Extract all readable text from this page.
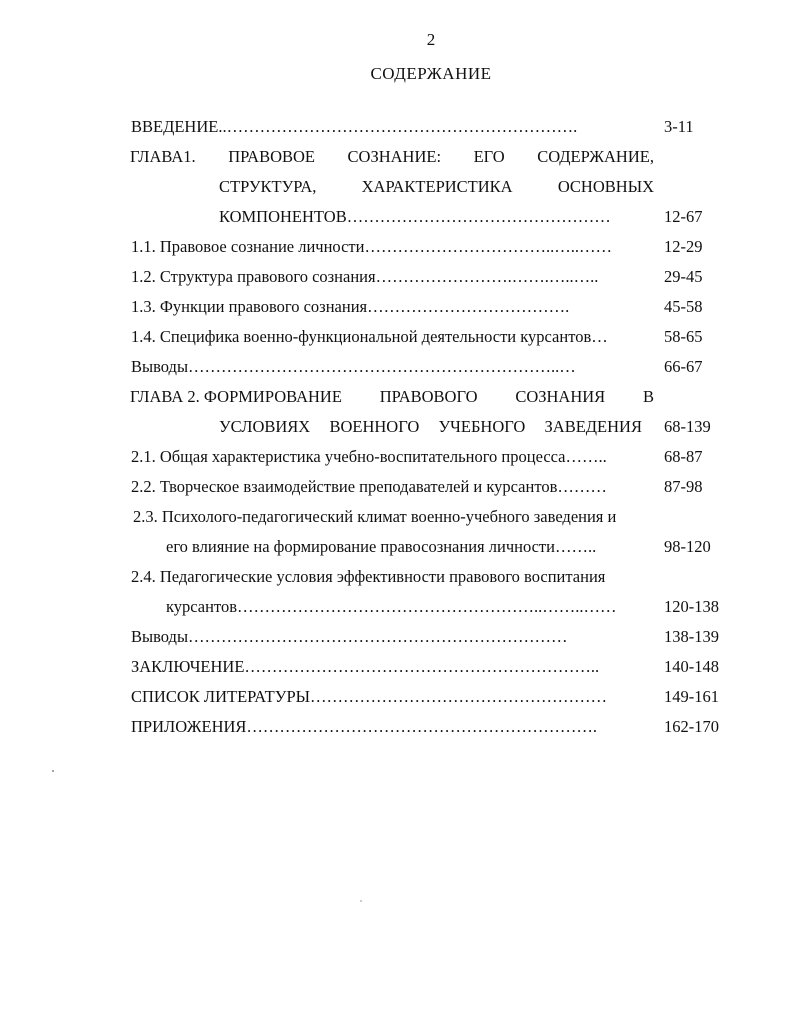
2
СОДЕРЖАНИЕ
ВВЕДЕНИЕ..……………………………………………………….	3-11
ГЛАВА1. ПРАВОВОЕ СОЗНАНИЕ: ЕГО СОДЕРЖАНИЕ,
СТРУКТУРА,	ХАРАКТЕРИСТИКА	ОСНОВНЫХ
КОМПОНЕНТОВ…………………………………………	12-67
1.1. Правовое сознание личности……………………………..…..……	12-29
1.2. Структура правового сознания…………………….…….…..…..	29-45
1.3. Функции правового сознания……………………………….	45-58
1.4. Специфика военно-функциональной деятельности курсантов…	58-65
Выводы…………………………………………………………..…	66-67
ГЛАВА 2. ФОРМИРОВАНИЕ ПРАВОВОГО СОЗНАНИЯ В
УСЛОВИЯХ ВОЕННОГО УЧЕБНОГО ЗАВЕДЕНИЯ 68-139
2.1. Общая характеристика учебно-воспитательного процесса……..	68-87
2.2. Творческое взаимодействие преподавателей и курсантов………	87-98
2.3. Психолого-педагогический климат военно-учебного заведения и
его влияние на формирование правосознания личности……..	98-120
2.4. Педагогические условия эффективности правового воспитания
курсантов………………………………………………..……..……	120-138
Выводы……………………………………………………………	138-139
ЗАКЛЮЧЕНИЕ………………………………………………………..	140-148
СПИСОК ЛИТЕРАТУРЫ………………………………………………	149-161
ПРИЛОЖЕНИЯ……………………………………………………….	162-170
